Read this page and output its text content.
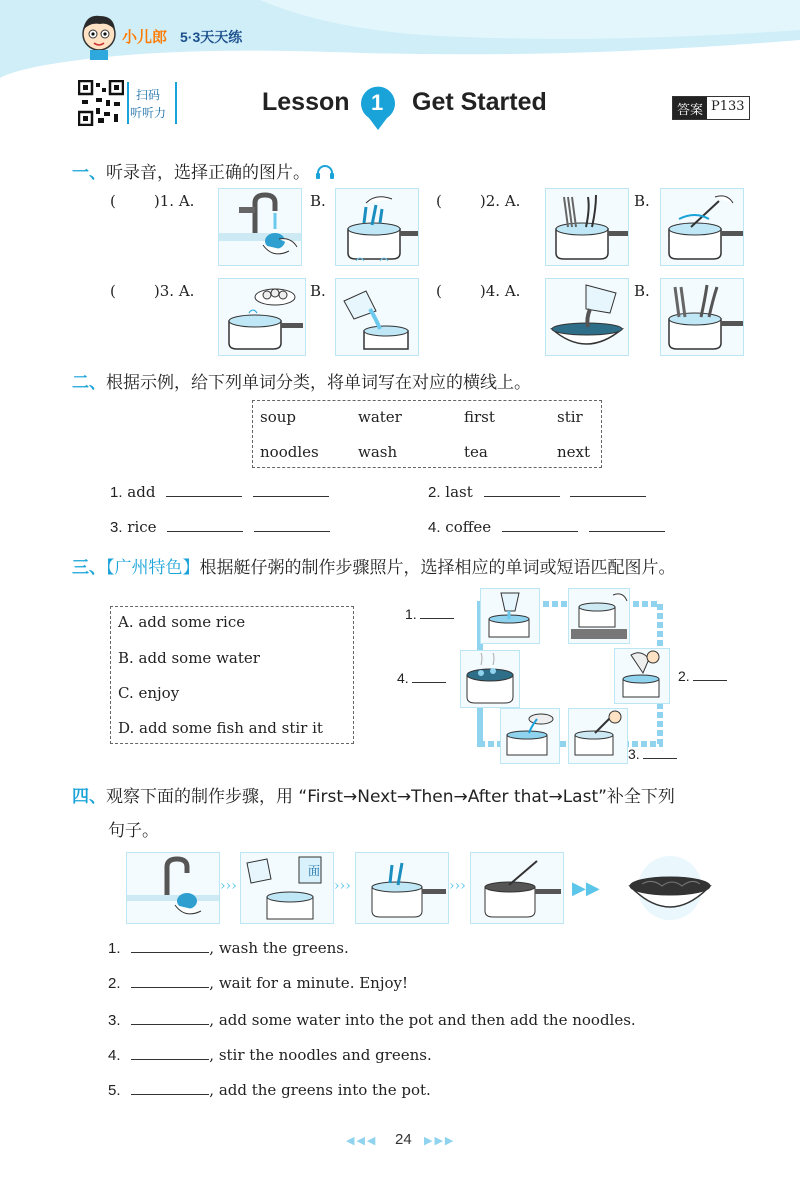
小儿郎 5·3天天练
扫码
听听力	Lesson 1 Get Started	答案 P133
一、听录音，选择正确的图片。
(	)1. A.	B.	(	)2. A.	B.
(	)3. A.	B.	(	)4. A.	B.
二、根据示例，给下列单词分类，将单词写在对应的横线上。
soup	water	first	stir
noodles	wash	tea	next
1. add	2. last
3. rice	4. coffee
三、【广州特色】根据艇仔粥的制作步骤照片，选择相应的单词或短语匹配图片。
A. add some rice
B. add some water
C. enjoy
D. add some fish and stir it
1.
2.
3.
4.
四、观察下面的制作步骤，用 “First→Next→Then→After that→Last”补全下列
句子。
›››
面
›››	›››	▶▶
1.	, wash the greens.
2.	, wait for a minute. Enjoy!
3.	, add some water into the pot and then add the noodles.
4.	, stir the noodles and greens.
5.	, add the greens into the pot.
◀◀◀ 24 ▶▶▶
